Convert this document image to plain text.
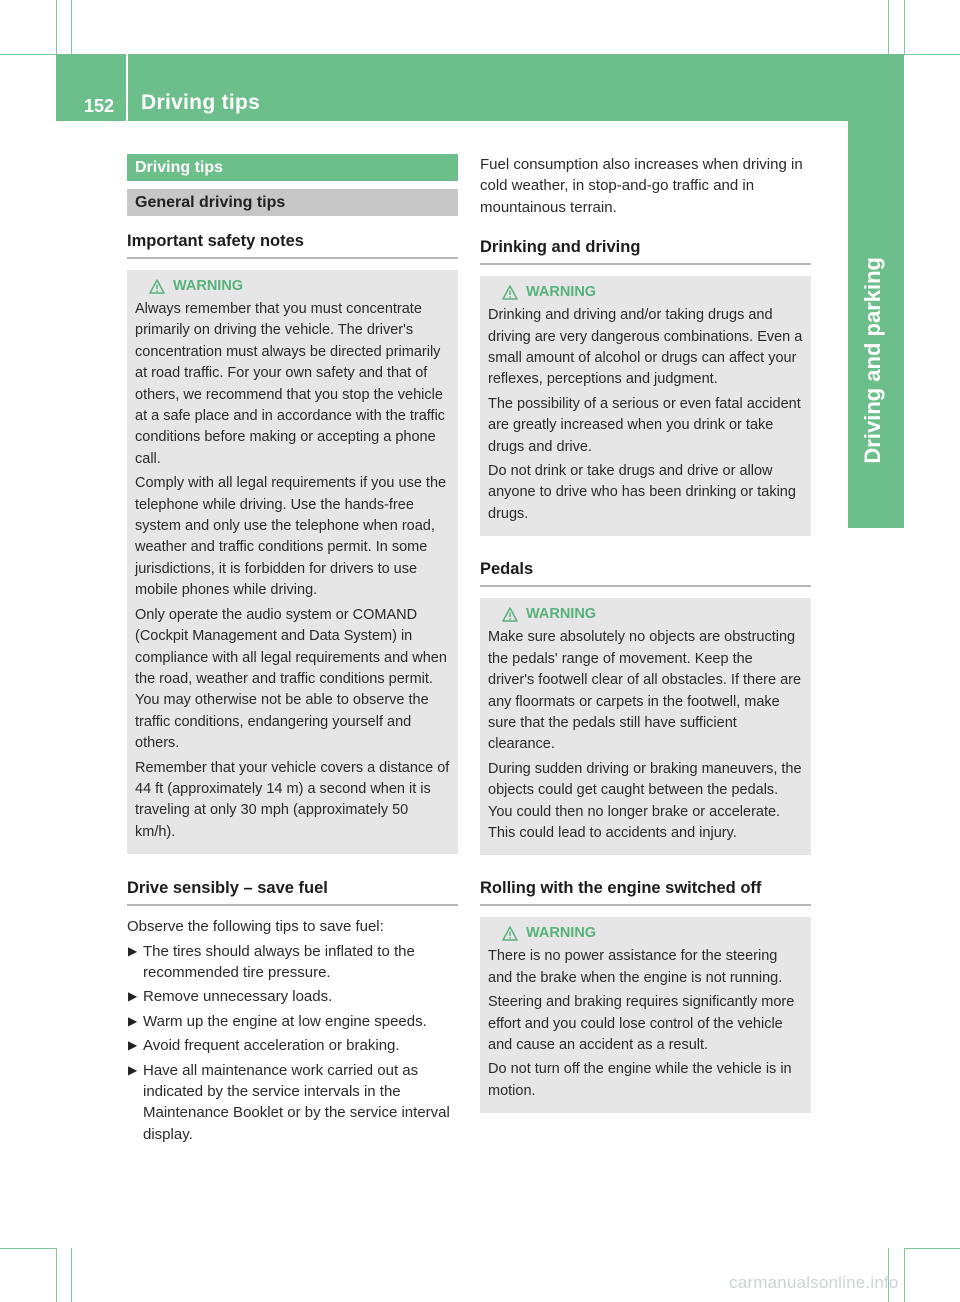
152 Driving tips
Driving and parking
Driving tips
General driving tips
Important safety notes
WARNING

Always remember that you must concentrate primarily on driving the vehicle. The driver's concentration must always be directed primarily at road traffic. For your own safety and that of others, we recommend that you stop the vehicle at a safe place and in accordance with the traffic conditions before making or accepting a phone call.

Comply with all legal requirements if you use the telephone while driving. Use the hands-free system and only use the telephone when road, weather and traffic conditions permit. In some jurisdictions, it is forbidden for drivers to use mobile phones while driving.

Only operate the audio system or COMAND (Cockpit Management and Data System) in compliance with all legal requirements and when the road, weather and traffic conditions permit. You may otherwise not be able to observe the traffic conditions, endangering yourself and others.

Remember that your vehicle covers a distance of 44 ft (approximately 14 m) a second when it is traveling at only 30 mph (approximately 50 km/h).

Drive sensibly – save fuel
Observe the following tips to save fuel:
▶ The tires should always be inflated to the recommended tire pressure.
▶ Remove unnecessary loads.
▶ Warm up the engine at low engine speeds.
▶ Avoid frequent acceleration or braking.
▶ Have all maintenance work carried out as indicated by the service intervals in the Maintenance Booklet or by the service interval display.
Fuel consumption also increases when driving in cold weather, in stop-and-go traffic and in mountainous terrain.
Drinking and driving
WARNING

Drinking and driving and/or taking drugs and driving are very dangerous combinations. Even a small amount of alcohol or drugs can affect your reflexes, perceptions and judgment.

The possibility of a serious or even fatal accident are greatly increased when you drink or take drugs and drive.

Do not drink or take drugs and drive or allow anyone to drive who has been drinking or taking drugs.

Pedals
WARNING

Make sure absolutely no objects are obstructing the pedals' range of movement. Keep the driver's footwell clear of all obstacles. If there are any floormats or carpets in the footwell, make sure that the pedals still have sufficient clearance.

During sudden driving or braking maneuvers, the objects could get caught between the pedals. You could then no longer brake or accelerate. This could lead to accidents and injury.

Rolling with the engine switched off
WARNING

There is no power assistance for the steering and the brake when the engine is not running.

Steering and braking requires significantly more effort and you could lose control of the vehicle and cause an accident as a result.

Do not turn off the engine while the vehicle is in motion.

carmanualsonline.info
